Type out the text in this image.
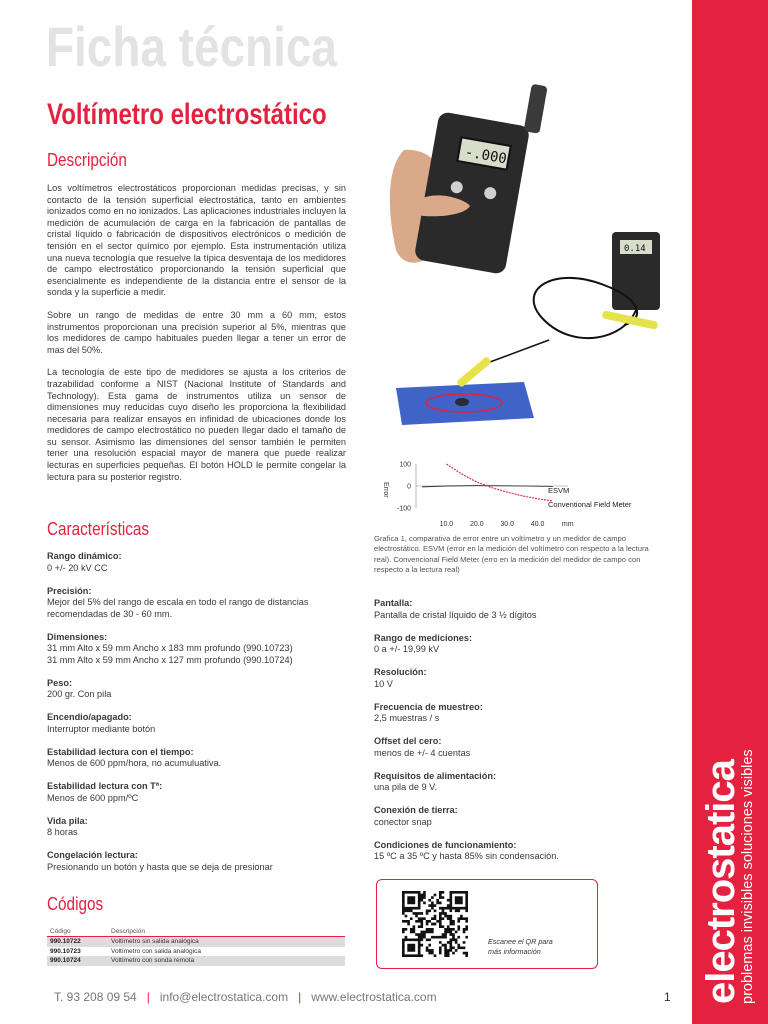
electrostatica
problemas invisibles soluciones visibles
Ficha técnica
Voltímetro electrostático
Descripción

Los voltímetros electrostáticos proporcionan medidas precisas, y sin contacto de la tensión superficial electrostática, tanto en ambientes ionizados como en no ionizados. Las aplicaciones industriales incluyen la medición de acumulación de carga en la fabricación de pantallas de cristal líquido o fabricación de dispositivos electrónicos o medición de tensión en el sector químico por ejemplo. Esta instrumentación utiliza una nueva tecnología que resuelve la típica desventaja de los medidores de campo electrostático proporcionando la tensión superficial que esencialmente es independiente de la distancia entre el sensor de la sonda y la superficie a medir.

Sobre un rango de medidas de entre 30 mm a 60 mm, estos instrumentos proporcionan una precisión superior al 5%, mientras que los medidores de campo habituales pueden llegar a tener un error de mas del 50%.

La tecnología de este tipo de medidores se ajusta a los criterios de trazabilidad conforme a NIST (Nacional Institute of Standards and Technology). Esta gama de instrumentos utiliza un sensor de dimensiones muy reducidas cuyo diseño les proporciona la flexibilidad necesaria para realizar ensayos en infinidad de ubicaciones donde los medidores de campo electrostático no pueden llegar dado el tamaño de su sensor. Asimismo las dimensiones del sensor también le permiten tener una resolución espacial mayor de manera que puede realizar lecturas en superficies pequeñas. El botón HOLD le permite congelar la lectura para su posterior registro.

-.000
0.14
100
0
-100
10.0 20.0 30.0 40.0	mm
Error	ESVM
Conventional Field Meter
Grafica 1, comparativa de error entre un voltímetro y un medidor de campo electrostático. ESVM (error en la medición del voltímetro con respecto a la lectura real). Convencional Field Meter (erro en la medición del medidor de campo con respecto a la lectura real)
Características
Rango dinámico:
0 +/- 20 kV CC
Precisión:
Mejor del 5% del rango de escala en todo el rango de distancias recomendadas de 30 - 60 mm.
Dimensiones:
31 mm Alto x 59 mm Ancho x 183 mm profundo (990.10723)
31 mm Alto x 59 mm Ancho x 127 mm profundo (990.10724)
Peso:
200 gr. Con pila
Encendio/apagado:
Interruptor mediante botón
Estabilidad lectura con el tiempo:
Menos de 600 ppm/hora, no acumuluativa.
Estabilidad lectura con Tª:
Menos de 600 ppm/ºC
Vida pila:
8 horas
Congelación lectura:
Presionando un botón y hasta que se deja de presionar
Pantalla:
Pantalla de cristal líquido de 3 ½ dígitos
Rango de mediciones:
0 a +/- 19,99 kV
Resolución:
10 V
Frecuencia de muestreo:
2,5 muestras / s
Offset del cero:
menos de +/- 4 cuentas
Requisitos de alimentación:
una pila de 9 V.
Conexión de tierra:
conector snap
Condiciones de funcionamiento:
15 ºC a 35 ºC y hasta 85% sin condensación.
Códigos
Código	Descripción
990.10722	Voltímetro sin salida analógica
990.10723	Voltímetro con salida analógica
990.10724	Voltímetro con sonda remota
Escanee el QR para
más información
T. 93 208 09 54 | info@electrostatica.com | www.electrostatica.com	1
